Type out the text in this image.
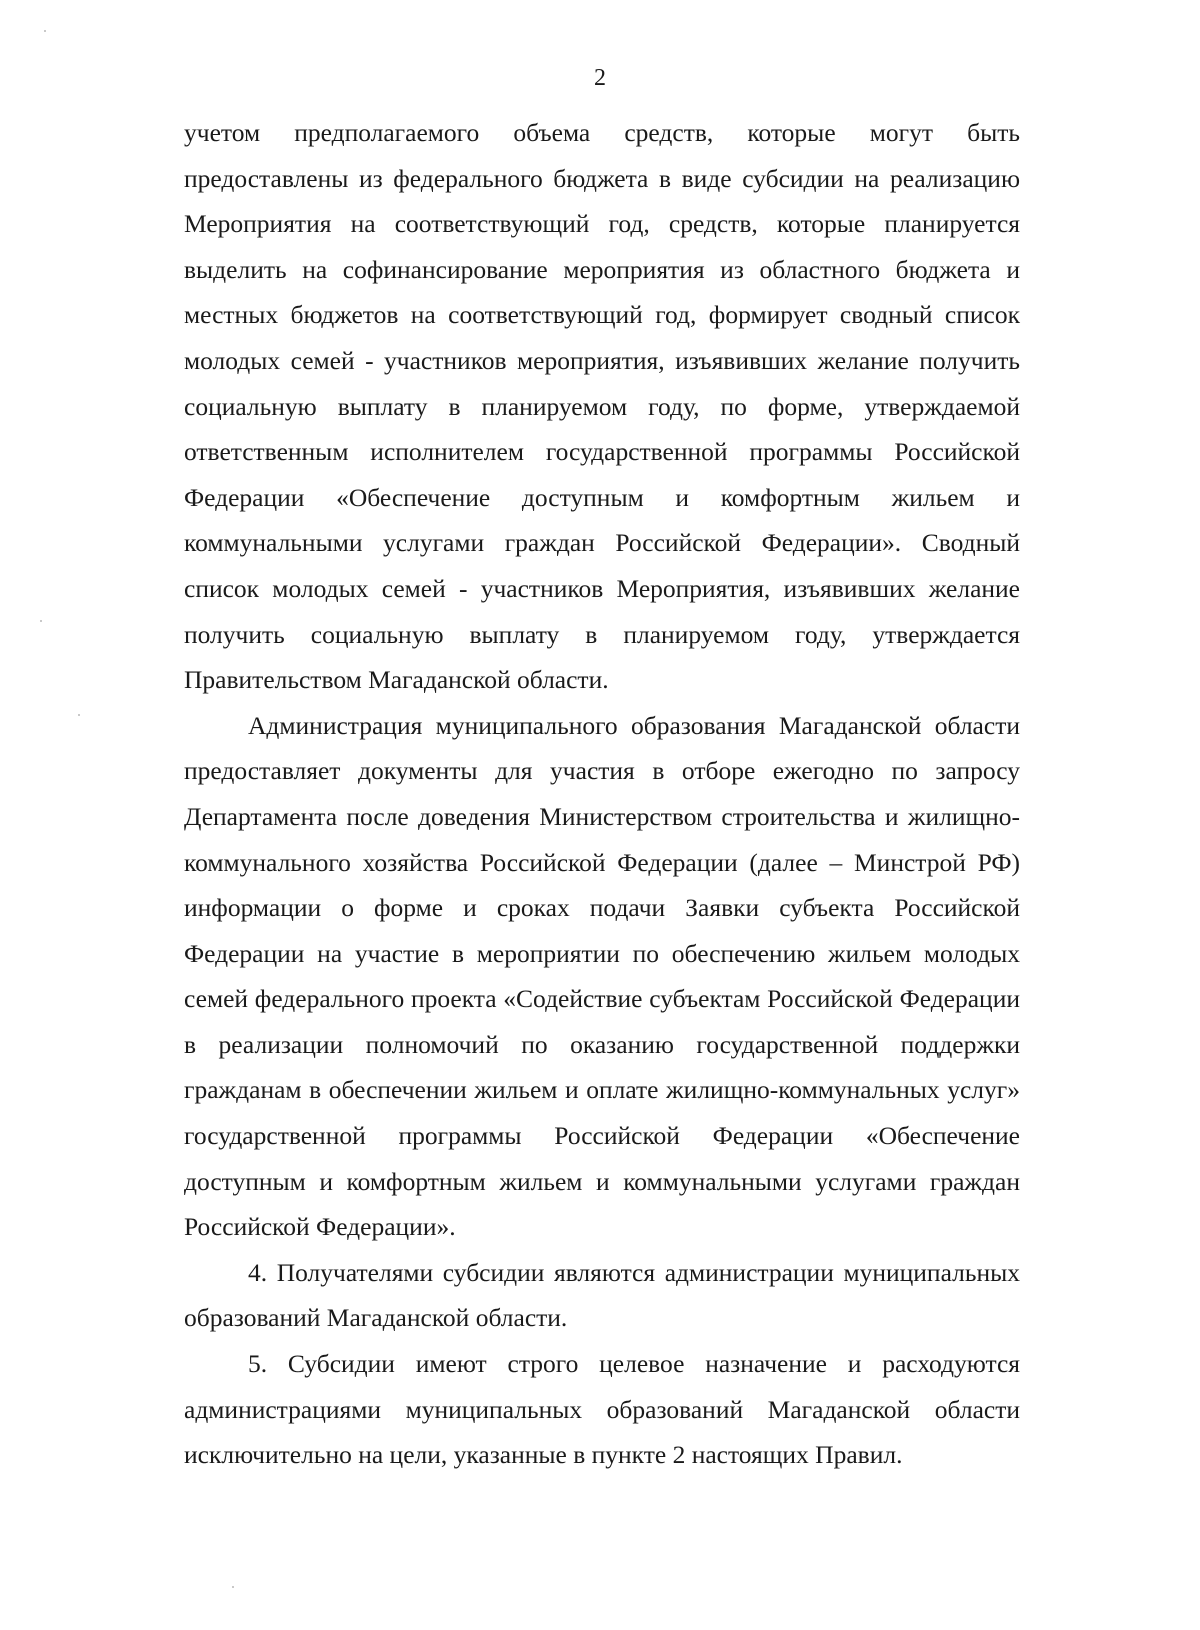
2

учетом предполагаемого объема средств, которые могут быть предоставлены из федерального бюджета в виде субсидии на реализацию Мероприятия на соответствующий год, средств, которые планируется выделить на софинансирование мероприятия из областного бюджета и местных бюджетов на соответствующий год, формирует сводный список молодых семей - участников мероприятия, изъявивших желание получить социальную выплату в планируемом году, по форме, утверждаемой ответственным исполнителем государственной программы Российской Федерации «Обеспечение доступным и комфортным жильем и коммунальными услугами граждан Российской Федерации». Сводный список молодых семей - участников Мероприятия, изъявивших желание получить социальную выплату в планируемом году, утверждается Правительством Магаданской области.

Администрация муниципального образования Магаданской области предоставляет документы для участия в отборе ежегодно по запросу Департамента после доведения Министерством строительства и жилищно-коммунального хозяйства Российской Федерации (далее – Минстрой РФ) информации о форме и сроках подачи Заявки субъекта Российской Федерации на участие в мероприятии по обеспечению жильем молодых семей федерального проекта «Содействие субъектам Российской Федерации в реализации полномочий по оказанию государственной поддержки гражданам в обеспечении жильем и оплате жилищно-коммунальных услуг» государственной программы Российской Федерации «Обеспечение доступным и комфортным жильем и коммунальными услугами граждан Российской Федерации».

4. Получателями субсидии являются администрации муниципальных образований Магаданской области.

5. Субсидии имеют строго целевое назначение и расходуются администрациями муниципальных образований Магаданской области исключительно на цели, указанные в пункте 2 настоящих Правил.
